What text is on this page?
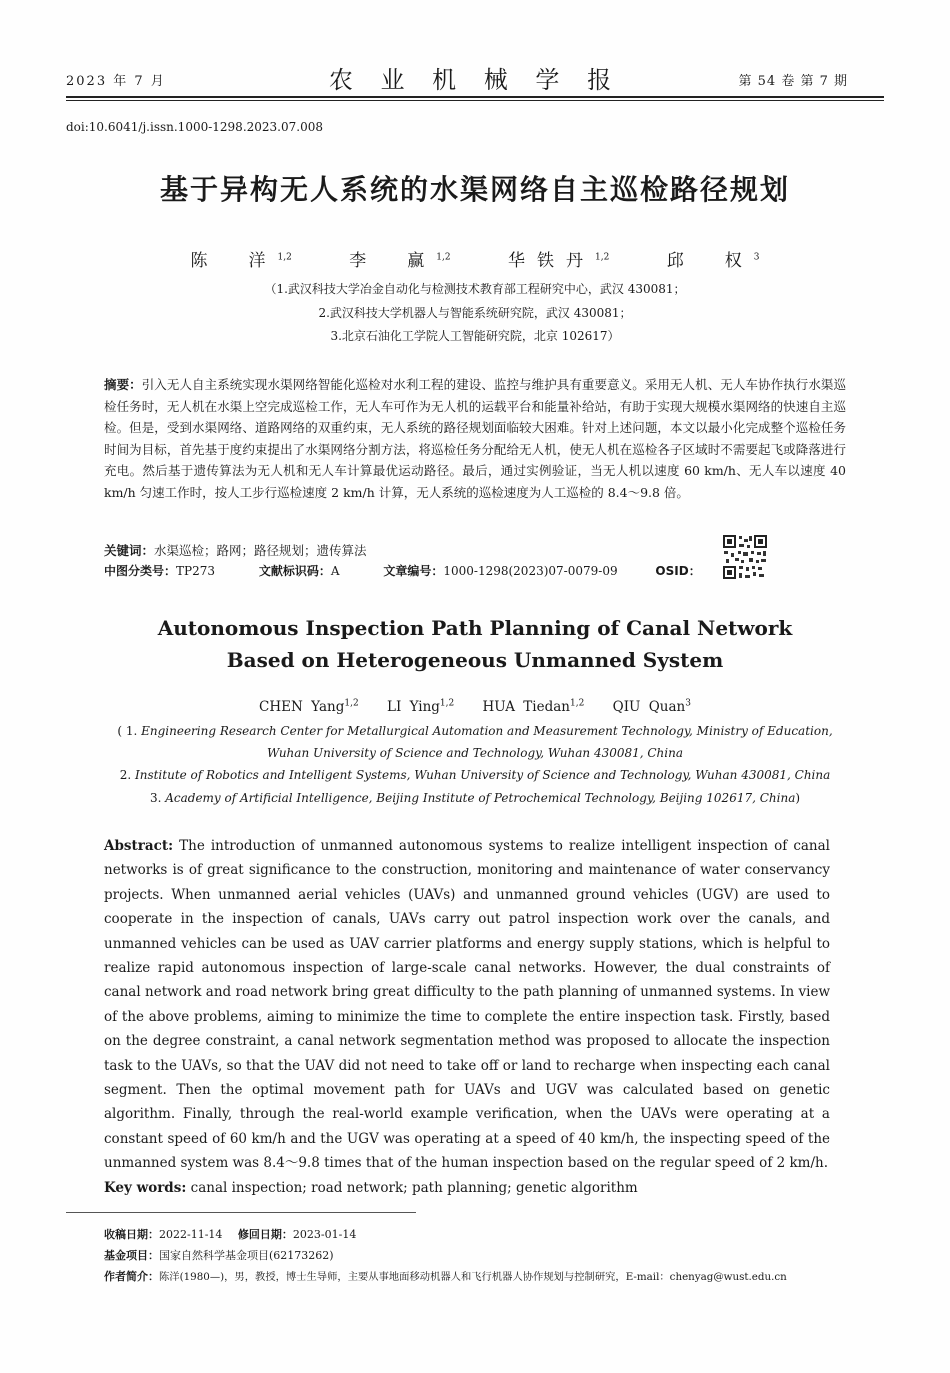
2023 年 7 月	农 业 机 械 学 报	第 54 卷 第 7 期
doi:10.6041/j.issn.1000-1298.2023.07.008
基于异构无人系统的水渠网络自主巡检路径规划
陈　洋$^{1,2}$	李　赢$^{1,2}$	华铁丹$^{1,2}$	邱　权$^3$
（1.武汉科技大学冶金自动化与检测技术教育部工程研究中心，武汉 430081；
2.武汉科技大学机器人与智能系统研究院，武汉 430081；
3.北京石油化工学院人工智能研究院，北京 102617）
摘要：引入无人自主系统实现水渠网络智能化巡检对水利工程的建设、监控与维护具有重要意义。采用无人机、无人车协作执行水渠巡检任务时，无人机在水渠上空完成巡检工作，无人车可作为无人机的运载平台和能量补给站，有助于实现大规模水渠网络的快速自主巡检。但是，受到水渠网络、道路网络的双重约束，无人系统的路径规划面临较大困难。针对上述问题，本文以最小化完成整个巡检任务时间为目标，首先基于度约束提出了水渠网络分割方法，将巡检任务分配给无人机，使无人机在巡检各子区域时不需要起飞或降落进行充电。然后基于遗传算法为无人机和无人车计算最优运动路径。最后，通过实例验证，当无人机以速度 60 km/h、无人车以速度 40 km/h 匀速工作时，按人工步行巡检速度 2 km/h 计算，无人系统的巡检速度为人工巡检的 8.4～9.8 倍。
关键词：水渠巡检；路网；路径规划；遗传算法
中图分类号：TP273	文献标识码：A	文章编号：1000-1298(2023)07-0079-09	OSID：
Autonomous Inspection Path Planning of Canal Network
Based on Heterogeneous Unmanned System
CHEN Yang$^{1,2}$ LI Ying$^{1,2}$ HUA Tiedan$^{1,2}$ QIU Quan$^3$
( 1. Engineering Research Center for Metallurgical Automation and Measurement Technology, Ministry of Education,
Wuhan University of Science and Technology, Wuhan 430081, China
2. Institute of Robotics and Intelligent Systems, Wuhan University of Science and Technology, Wuhan 430081, China
3. Academy of Artificial Intelligence, Beijing Institute of Petrochemical Technology, Beijing 102617, China)
Abstract: The introduction of unmanned autonomous systems to realize intelligent inspection of canal networks is of great significance to the construction, monitoring and maintenance of water conservancy projects. When unmanned aerial vehicles (UAVs) and unmanned ground vehicles (UGV) are used to cooperate in the inspection of canals, UAVs carry out patrol inspection work over the canals, and unmanned vehicles can be used as UAV carrier platforms and energy supply stations, which is helpful to realize rapid autonomous inspection of large-scale canal networks. However, the dual constraints of canal network and road network bring great difficulty to the path planning of unmanned systems. In view of the above problems, aiming to minimize the time to complete the entire inspection task. Firstly, based on the degree constraint, a canal network segmentation method was proposed to allocate the inspection task to the UAVs, so that the UAV did not need to take off or land to recharge when inspecting each canal segment. Then the optimal movement path for UAVs and UGV was calculated based on genetic algorithm. Finally, through the real-world example verification, when the UAVs were operating at a constant speed of 60 km/h and the UGV was operating at a speed of 40 km/h, the inspecting speed of the unmanned system was 8.4～9.8 times that of the human inspection based on the regular speed of 2 km/h.
Key words: canal inspection; road network; path planning; genetic algorithm
收稿日期：2022-11-14 修回日期：2023-01-14
基金项目：国家自然科学基金项目(62173262)
作者简介：陈洋(1980—)，男，教授，博士生导师，主要从事地面移动机器人和飞行机器人协作规划与控制研究，E-mail：chenyag@wust.edu.cn
